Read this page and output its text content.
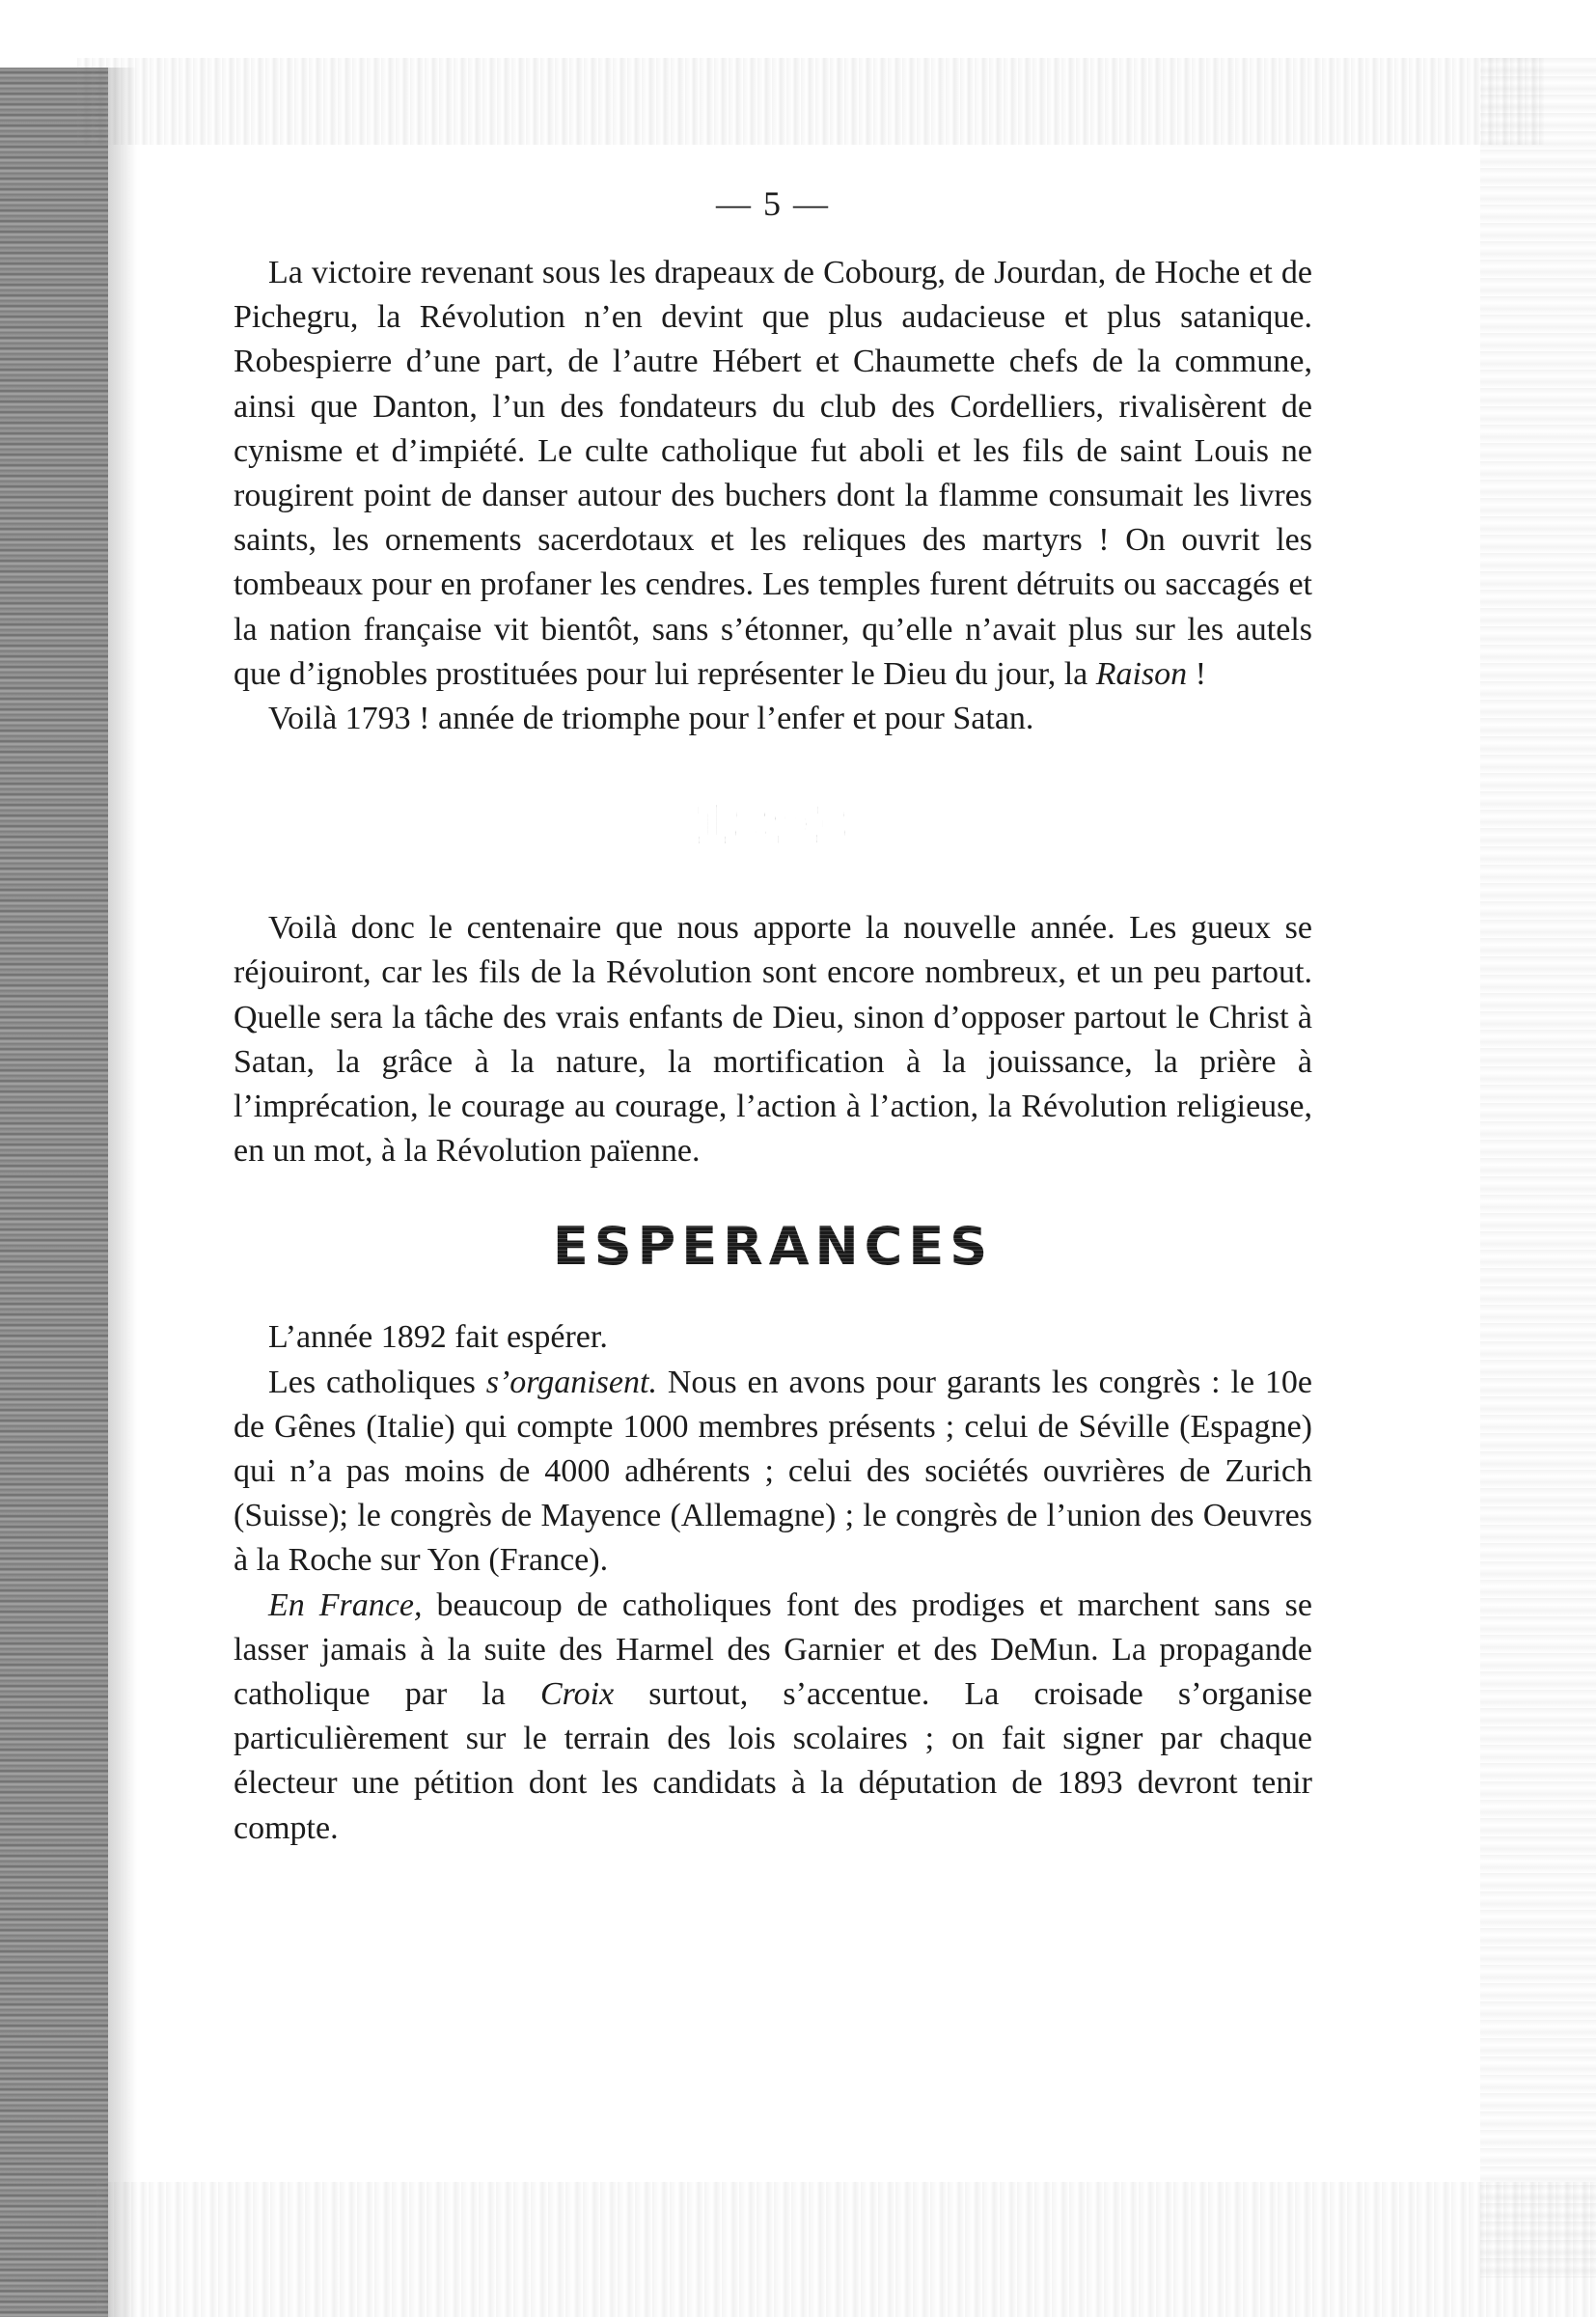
— 5 —

La victoire revenant sous les drapeaux de Cobourg, de Jourdan, de Hoche et de Pichegru, la Révolution n’en devint que plus audacieuse et plus satanique. Robespierre d’une part, de l’autre Hébert et Chaumette chefs de la commune, ainsi que Danton, l’un des fondateurs du club des Cordelliers, rivalisèrent de cynisme et d’impiété. Le culte catholique fut aboli et les fils de saint Louis ne rougirent point de danser autour des buchers dont la flamme consumait les livres saints, les ornements sacerdotaux et les reliques des martyrs ! On ouvrit les tombeaux pour en profaner les cendres. Les temples furent détruits ou saccagés et la nation française vit bientôt, sans s’étonner, qu’elle n’avait plus sur les autels que d’ignobles prostituées pour lui représenter le Dieu du jour, la Raison !

Voilà 1793 ! année de triomphe pour l’enfer et pour Satan.

1893

Voilà donc le centenaire que nous apporte la nouvelle année. Les gueux se réjouiront, car les fils de la Révolution sont encore nombreux, et un peu partout. Quelle sera la tâche des vrais enfants de Dieu, sinon d’opposer partout le Christ à Satan, la grâce à la nature, la mortification à la jouissance, la prière à l’imprécation, le courage au courage, l’action à l’action, la Révolution religieuse, en un mot, à la Révolution païenne.

ESPERANCES

L’année 1892 fait espérer.

Les catholiques s’organisent. Nous en avons pour garants les congrès : le 10e de Gênes (Italie) qui compte 1000 membres présents ; celui de Séville (Espagne) qui n’a pas moins de 4000 adhérents ; celui des sociétés ouvrières de Zurich (Suisse); le congrès de Mayence (Allemagne) ; le congrès de l’union des Oeuvres à la Roche sur Yon (France).

En France, beaucoup de catholiques font des prodiges et marchent sans se lasser jamais à la suite des Harmel des Garnier et des DeMun. La propagande catholique par la Croix surtout, s’accentue. La croisade s’organise particulièrement sur le terrain des lois scolaires ; on fait signer par chaque électeur une pétition dont les candidats à la députation de 1893 devront tenir compte.
